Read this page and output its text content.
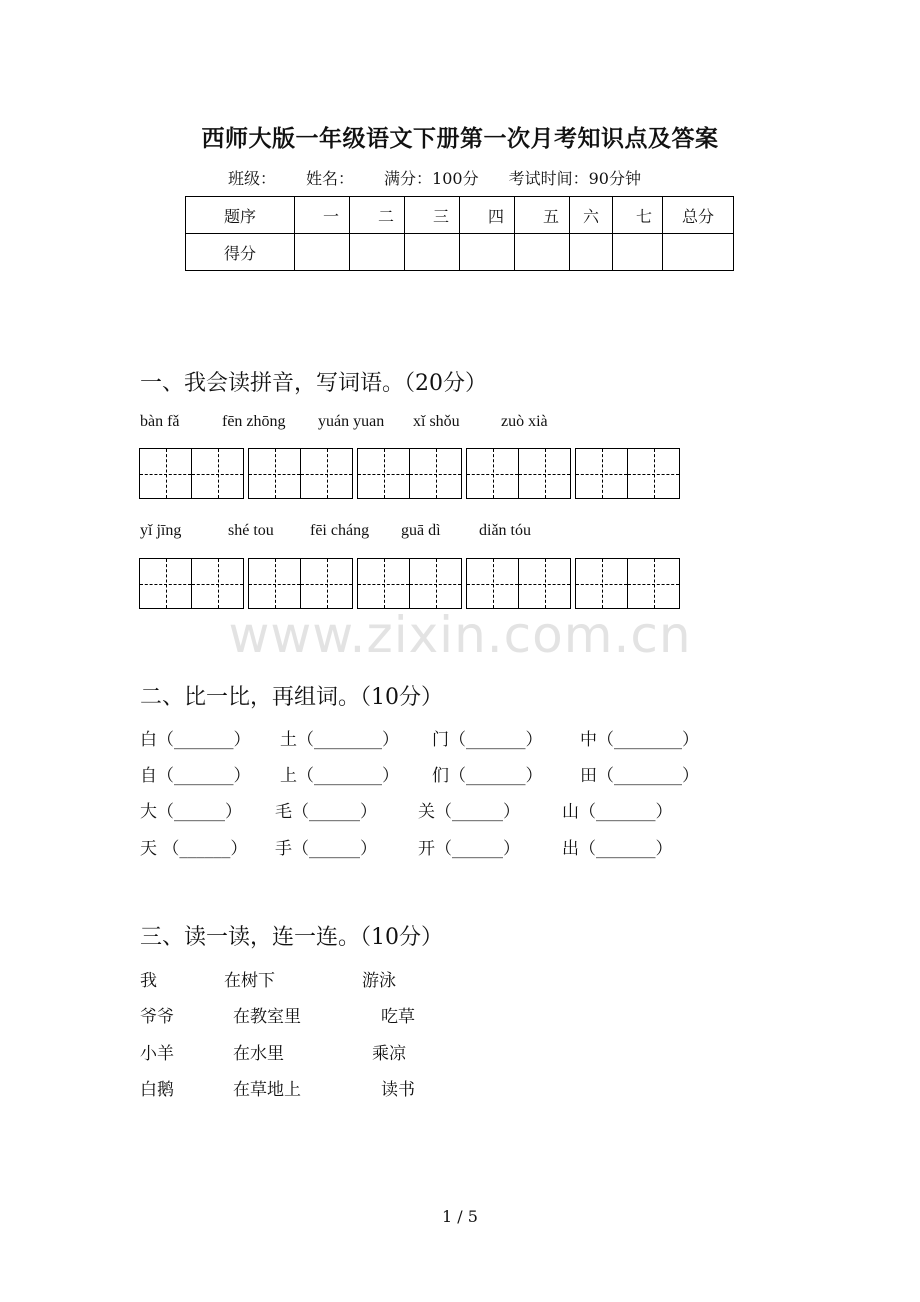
西师大版一年级语文下册第一次月考知识点及答案
班级： 姓名： 满分：100分 考试时间：90分钟
题序	一	二	三	四	五	六	七	总分
得分								
一、我会读拼音，写词语。（20分）
bàn fǎ	fēn zhōng yuán yuan xǐ shǒu	zuò xià
yǐ jīng	shé tou fēi cháng guā dì diǎn tóu
www.zixin.com.cn
二、比一比，再组词。（10分）
白（_______） 土（________） 门（_______） 中（________）
自（_______） 上（________） 们（_______） 田（________）
大（______） 毛（______） 关（______） 山（_______）
天 （______） 手（______） 开（______） 出（_______）
三、读一读，连一连。（10分）
我	在树下	游泳
爷爷	在教室里	吃草
小羊	在水里	乘凉
白鹅	在草地上	读书
1 / 5
